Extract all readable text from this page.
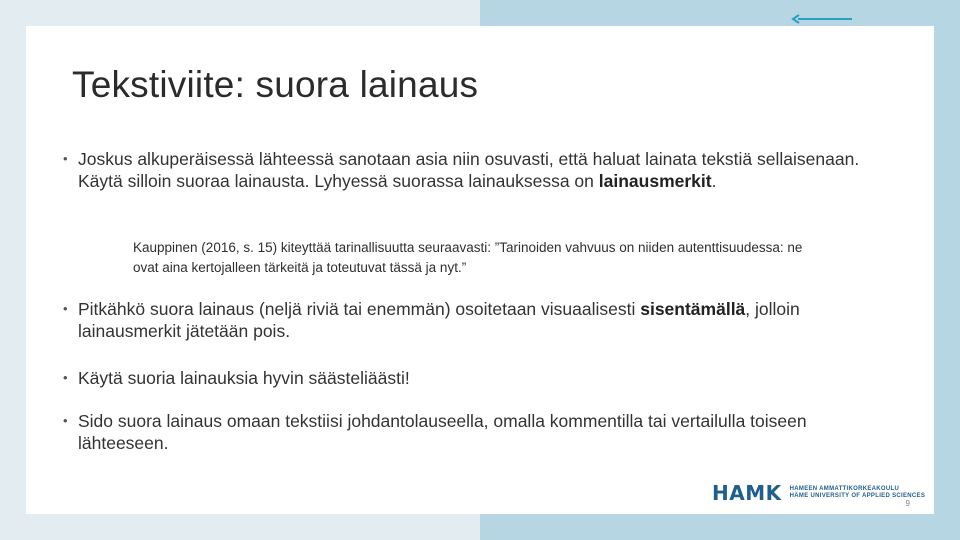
Tekstiviite: suora lainaus
• Joskus alkuperäisessä lähteessä sanotaan asia niin osuvasti, että haluat lainata tekstiä sellaisenaan. Käytä silloin suoraa lainausta. Lyhyessä suorassa lainauksessa on lainausmerkit.
Kauppinen (2016, s. 15) kiteyttää tarinallisuutta seuraavasti: ”Tarinoiden vahvuus on niiden autenttisuudessa: ne ovat aina kertojalleen tärkeitä ja toteutuvat tässä ja nyt.”
• Pitkähkö suora lainaus (neljä riviä tai enemmän) osoitetaan visuaalisesti sisentämällä, jolloin lainausmerkit jätetään pois.
• Käytä suoria lainauksia hyvin säästeliäästi!
• Sido suora lainaus omaan tekstiisi johdantolauseella, omalla kommentilla tai vertailulla toiseen lähteeseen.
HAMK HAMEEN AMMATTIKORKEAKOULU
HÄME UNIVERSITY OF APPLIED SCIENCES
9
